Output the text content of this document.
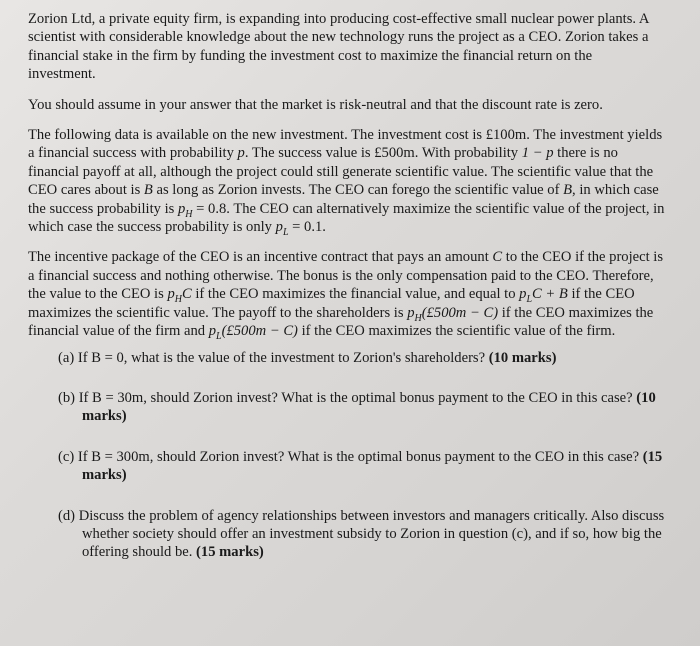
Zorion Ltd, a private equity firm, is expanding into producing cost-effective small nuclear power plants. A scientist with considerable knowledge about the new technology runs the project as a CEO. Zorion takes a financial stake in the firm by funding the investment cost to maximize the financial return on the investment.

You should assume in your answer that the market is risk-neutral and that the discount rate is zero.

The following data is available on the new investment. The investment cost is £100m. The investment yields a financial success with probability p. The success value is £500m. With probability 1 − p there is no financial payoff at all, although the project could still generate scientific value. The scientific value that the CEO cares about is B as long as Zorion invests. The CEO can forego the scientific value of B, in which case the success probability is $p_H = 0.8$. The CEO can alternatively maximize the scientific value of the project, in which case the success probability is only $p_L = 0.1$.

The incentive package of the CEO is an incentive contract that pays an amount C to the CEO if the project is a financial success and nothing otherwise. The bonus is the only compensation paid to the CEO. Therefore, the value to the CEO is $p_HC$ if the CEO maximizes the financial value, and equal to $p_LC + B$ if the CEO maximizes the scientific value. The payoff to the shareholders is $p_H(£500m - C)$ if the CEO maximizes the financial value of the firm and $p_L(£500m - C)$ if the CEO maximizes the scientific value of the firm.

(a) If B = 0, what is the value of the investment to Zorion's shareholders? (10 marks)

(b) If B = 30m, should Zorion invest? What is the optimal bonus payment to the CEO in this case? (10 marks)

(c) If B = 300m, should Zorion invest? What is the optimal bonus payment to the CEO in this case? (15 marks)

(d) Discuss the problem of agency relationships between investors and managers critically. Also discuss whether society should offer an investment subsidy to Zorion in question (c), and if so, how big the offering should be. (15 marks)
